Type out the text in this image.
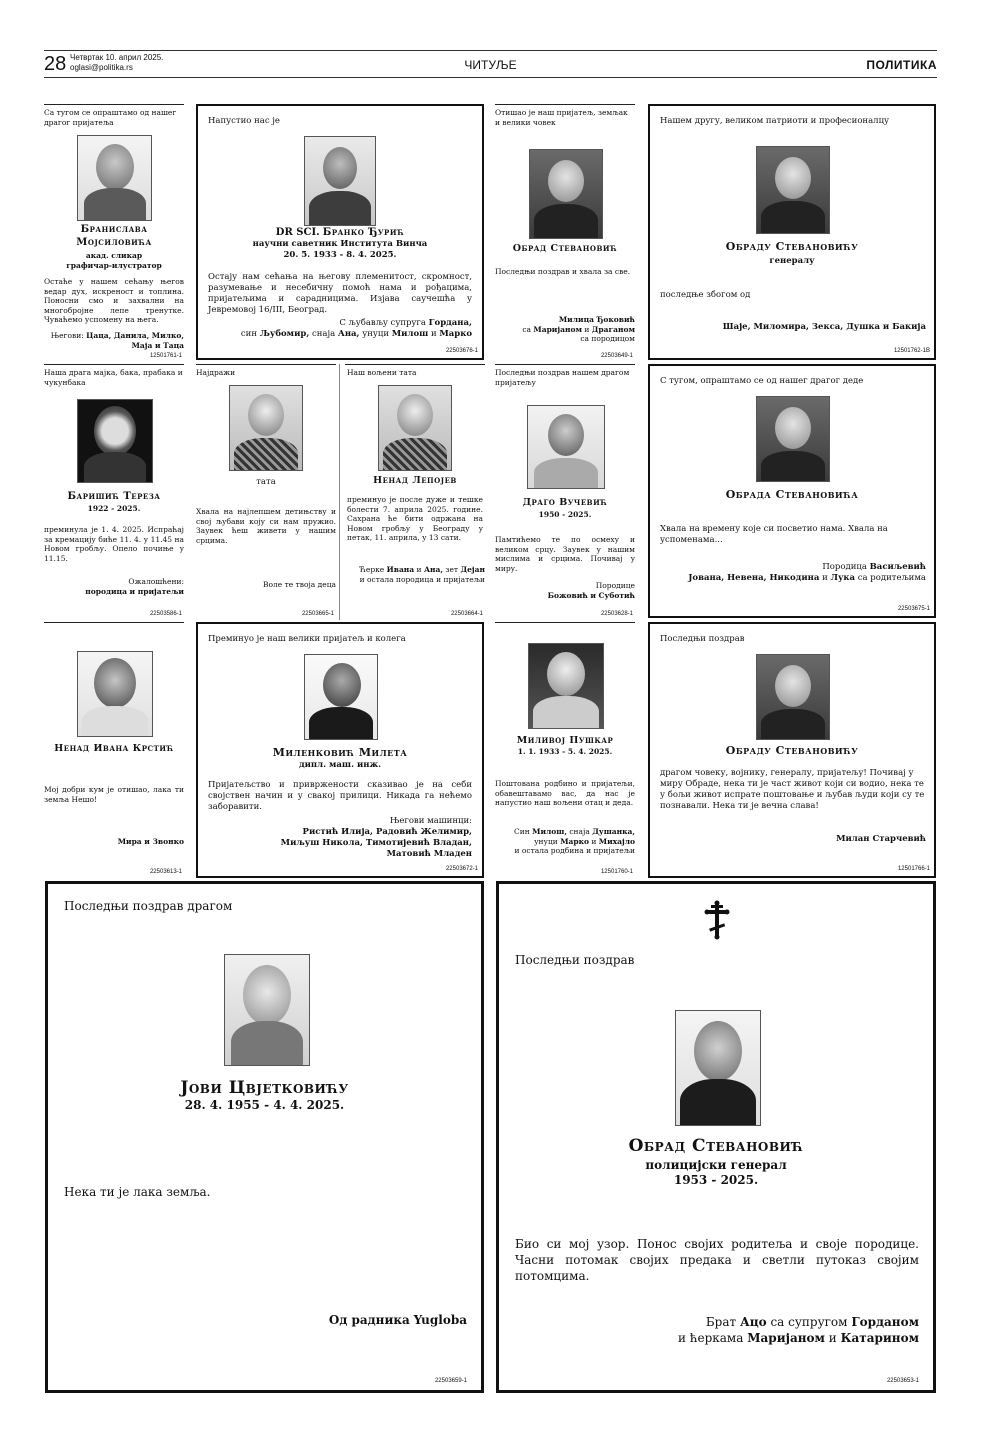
28 Четвртак 10. април 2025.
oglasi@politika.rs	ЧИТУЉЕ	ПОЛИТИКА
Са тугом се опраштамо од нашег драгог пријатеља
Бранислава
Мојсиловића
акад. сликар
графичар-илустратор
Остаће у нашем сећању његов ведар дух, искреност и топлина. Поносни смо и захвални на многобројне лепе тренутке. Чуваћемо успомену на њега.
Његови: Цаца, Данила, Милко, Маја и Таца
12501761-1
Напустио нас је
DR SCI. Бранко Ђурић
научни саветник Института Винча
20. 5. 1933 - 8. 4. 2025.
Остају нам сећања на његову племенитост, скромност, разумевање и несебичну помоћ нама и рођацима, пријатељима и сарадницима. Изјава саучешћа у Јевремовој 16/III, Београд.
С љубављу супруга Гордана,
син Љубомир, снаја Ана, унуци Милош и Марко
22503676-1
Отишао је наш пријатељ, земљак и велики човек
Обрад Стевановић
Последњи поздрав и хвала за све.
Милица Ђоковић
са Маријаном и Драганом
са породицом
22503649-1
Нашем другу, великом патриоти и професионалцу
Обраду Стевановићу
генералу
последње збогом од
Шаје, Миломира, Зекса, Душка и Бакија
12501762-1В
Наша драга мајка, бака, прабака и чукунбака
Баришић Тереза
1922 - 2025.
преминула је 1. 4. 2025. Испраћај за кремацију биће 11. 4. у 11.45 на Новом гробљу. Опело почиње у 11.15.
Ожалошћени:
породица и пријатељи
22503586-1
Најдражи
тата
Хвала на најлепшем детињству и свој љубави коју си нам пружио. Заувек ћеш живети у нашим срцима.
Воле те твоја деца
22503665-1
Наш вољени тата
Ненад Лепојев
преминуо је после дуже и тешке болести 7. априла 2025. године. Сахрана ће бити одржана на Новом гробљу у Београду у петак, 11. априла, у 13 сати.
Ћерке Ивана и Ана, зет Дејан
и остала породица и пријатељи
22503664-1
Последњи поздрав нашем драгом пријатељу
Драго Вучевић
1950 - 2025.
Памтићемо те по осмеху и великом срцу. Заувек у нашим мислима и срцима. Почивај у миру.
Породице
Божовић и Суботић
22503628-1
С тугом, опраштамо се од нашег драгог деде
Обрада Стевановића
Хвала на времену које си посветио нама. Хвала на успоменама...
Породица Васиљевић
Јована, Невена, Никодина и Лука са родитељима
22503675-1
Ненад Ивана Крстић
Мој добри кум је отишао, лака ти земља Нешо!
Мира и Звонко
22503613-1
Преминуо је наш велики пријатељ и колега
Миленковић Милета
дипл. маш. инж.
Пријатељство и привржености сказивао је на себи својствен начин и у свакој прилици. Никада га нећемо заборавити.
Његови машинци:
Ристић Илија, Радовић Желимир,
Миљуш Никола, Тимотијевић Владан,
Матовић Младен
22503672-1
Миливој Пушкар
1. 1. 1933 - 5. 4. 2025.
Поштована родбино и пријатељи, обавештавамо вас, да нас је напустио наш вољени отац и деда.
Син Милош, снаја Душанка,
унуци Марко и Михајло
и остала родбина и пријатељи
12501760-1
Последњи поздрав
Обраду Стевановићу
драгом човеку, војнику, генералу, пријатељу! Почивај у миру Обраде, нека ти је част живот који си водио, нека те у бољи живот испрате поштовање и љубав људи који су те познавали. Нека ти је вечна слава!
Милан Старчевић
12501766-1
Последњи поздрав драгом
Јови Цвјетковићу
28. 4. 1955 - 4. 4. 2025.
Нека ти је лака земља.
Од радника Yugloba
22503659-1
Последњи поздрав
Обрад Стевановић
полицијски генерал
1953 - 2025.
Био си мој узор. Понос својих родитеља и своје породице. Часни потомак својих предака и светли путоказ својим потомцима.
Брат Ацо са супругом Горданом
и ћеркама Маријаном и Катарином
22503653-1
